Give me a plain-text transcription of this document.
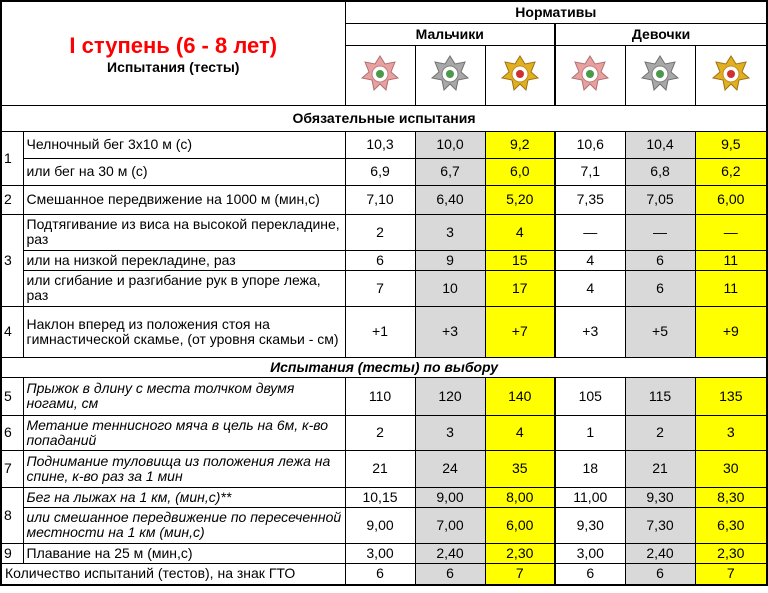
I ступень (6 - 8 лет)
Испытания (тесты)		Нормативы					
		Мальчики			Девочки		

Обязательные испытания							
1	Челночный бег 3х10 м (с)	10,3	10,0	9,2	10,6	10,4	9,5
	или бег на 30 м (с)	6,9	6,7	6,0	7,1	6,8	6,2
2	Смешанное передвижение на 1000 м (мин,с)	7,10	6,40	5,20	7,35	7,05	6,00
3	Подтягивание из виса на высокой перекладине, раз	2	3	4	—	—	—
	или на низкой перекладине, раз	6	9	15	4	6	11
	или сгибание и разгибание рук в упоре лежа, раз	7	10	17	4	6	11
4	Наклон вперед из положения стоя на гимнастической скамье, (от уровня скамьи - см)	+1	+3	+7	+3	+5	+9
Испытания (тесты) по выбору							
5	Прыжок в длину с места толчком двумя ногами, см	110	120	140	105	115	135
6	Метание теннисного мяча в цель на 6м, к-во попаданий	2	3	4	1	2	3
7	Поднимание туловища из положения лежа на спине, к-во раз за 1 мин	21	24	35	18	21	30
8	Бег на лыжах на 1 км, (мин,с)**	10,15	9,00	8,00	11,00	9,30	8,30
	или смешанное передвижение по пересеченной местности на 1 км (мин,с)	9,00	7,00	6,00	9,30	7,30	6,30
9	Плавание на 25 м (мин,с)	3,00	2,40	2,30	3,00	2,40	2,30
Количество испытаний (тестов), на знак ГТО		6	6	7	6	6	7
